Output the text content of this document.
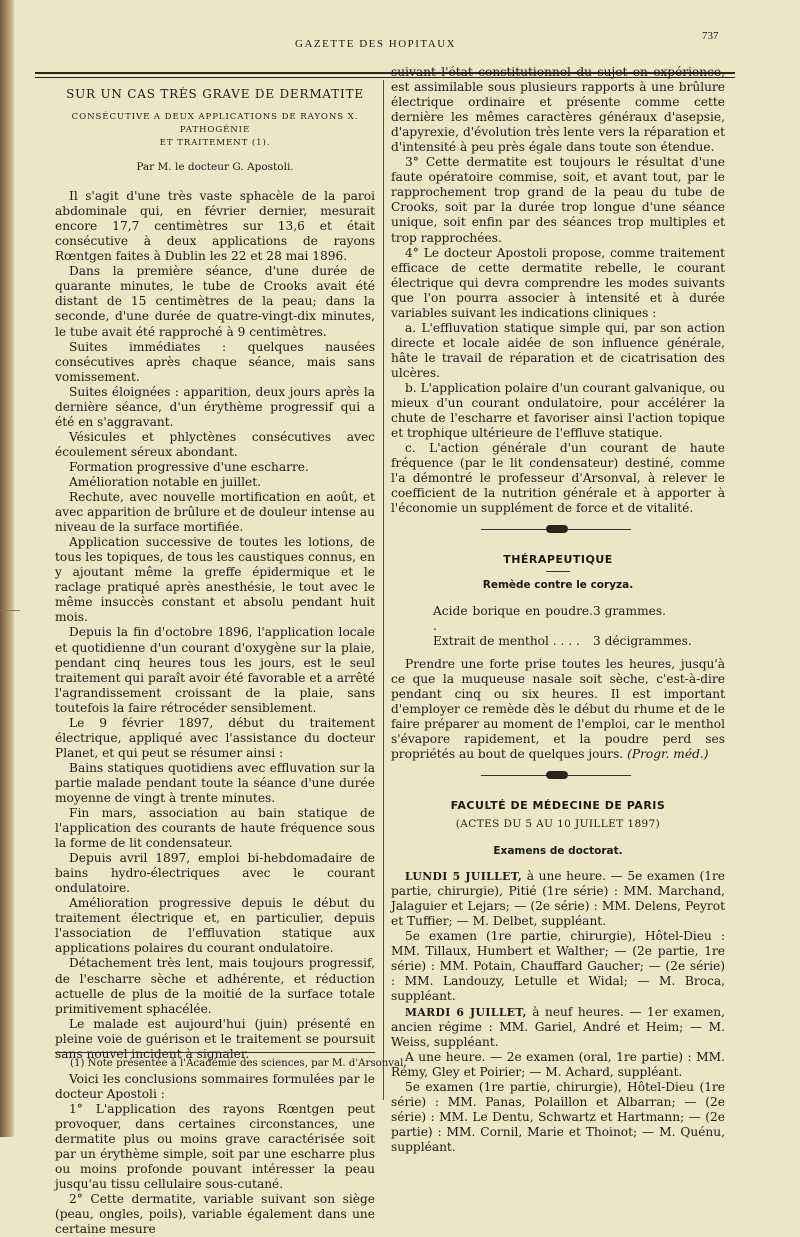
GAZETTE DES HOPITAUX
737
SUR UN CAS TRÈS GRAVE DE DERMATITE
CONSÉCUTIVE A DEUX APPLICATIONS DE RAYONS X. PATHOGÉNIE
ET TRAITEMENT (1).
Par M. le docteur G. Apostoli.

Il s'agit d'une très vaste sphacèle de la paroi abdominale qui, en février dernier, mesurait encore 17,7 centimètres sur 13,6 et était consécutive à deux applications de rayons Rœntgen faites à Dublin les 22 et 28 mai 1896.

Dans la première séance, d'une durée de quarante minutes, le tube de Crooks avait été distant de 15 centimètres de la peau; dans la seconde, d'une durée de quatre-vingt-dix minutes, le tube avait été rapproché à 9 centimètres.

Suites immédiates : quelques nausées consécutives après chaque séance, mais sans vomissement.

Suites éloignées : apparition, deux jours après la dernière séance, d'un érythème progressif qui a été en s'aggravant.

Vésicules et phlyctènes consécutives avec écoulement séreux abondant.

Formation progressive d'une escharre.

Amélioration notable en juillet.

Rechute, avec nouvelle mortification en août, et avec apparition de brûlure et de douleur intense au niveau de la surface mortifiée.

Application successive de toutes les lotions, de tous les topiques, de tous les caustiques connus, en y ajoutant même la greffe épidermique et le raclage pratiqué après anesthésie, le tout avec le même insuccès constant et absolu pendant huit mois.

Depuis la fin d'octobre 1896, l'application locale et quotidienne d'un courant d'oxygène sur la plaie, pendant cinq heures tous les jours, est le seul traitement qui paraît avoir été favorable et a arrêté l'agrandissement croissant de la plaie, sans toutefois la faire rétrocéder sensiblement.

Le 9 février 1897, début du traitement électrique, appliqué avec l'assistance du docteur Planet, et qui peut se résumer ainsi :

Bains statiques quotidiens avec effluvation sur la partie malade pendant toute la séance d'une durée moyenne de vingt à trente minutes.

Fin mars, association au bain statique de l'application des courants de haute fréquence sous la forme de lit condensateur.

Depuis avril 1897, emploi bi-hebdomadaire de bains hydro-électriques avec le courant ondulatoire.

Amélioration progressive depuis le début du traitement électrique et, en particulier, depuis l'association de l'effluvation statique aux applications polaires du courant ondulatoire.

Détachement très lent, mais toujours progressif, de l'escharre sèche et adhérente, et réduction actuelle de plus de la moitié de la surface totale primitivement sphacélée.

Le malade est aujourd'hui (juin) présenté en pleine voie de guérison et le traitement se poursuit sans nouvel incident à signaler.

Voici les conclusions sommaires formulées par le docteur Apostoli :

1° L'application des rayons Rœntgen peut provoquer, dans certaines circonstances, une dermatite plus ou moins grave caractérisée soit par un érythème simple, soit par une escharre plus ou moins profonde pouvant intéresser la peau jusqu'au tissu cellulaire sous-cutané.

2° Cette dermatite, variable suivant son siège (peau, ongles, poils), variable également dans une certaine mesure

(1) Note présentée à l'Académie des sciences, par M. d'Arsonval.

suivant l'état constitutionnel du sujet en expérience, est assimilable sous plusieurs rapports à une brûlure électrique ordinaire et présente comme cette dernière les mêmes caractères généraux d'asepsie, d'apyrexie, d'évolution très lente vers la réparation et d'intensité à peu près égale dans toute son étendue.

3° Cette dermatite est toujours le résultat d'une faute opératoire commise, soit, et avant tout, par le rapprochement trop grand de la peau du tube de Crooks, soit par la durée trop longue d'une séance unique, soit enfin par des séances trop multiples et trop rapprochées.

4° Le docteur Apostoli propose, comme traitement efficace de cette dermatite rebelle, le courant électrique qui devra comprendre les modes suivants que l'on pourra associer à intensité et à durée variables suivant les indications cliniques :

a. L'effluvation statique simple qui, par son action directe et locale aidée de son influence générale, hâte le travail de réparation et de cicatrisation des ulcères.

b. L'application polaire d'un courant galvanique, ou mieux d'un courant ondulatoire, pour accélérer la chute de l'escharre et favoriser ainsi l'action topique et trophique ultérieure de l'effluve statique.

c. L'action générale d'un courant de haute fréquence (par le lit condensateur) destiné, comme l'a démontré le professeur d'Arsonval, à relever le coefficient de la nutrition générale et à apporter à l'économie un supplément de force et de vitalité.

THÉRAPEUTIQUE
Remède contre le coryza.
Acide borique en poudre. .
3 grammes.
Extrait de menthol . . . .	3 décigrammes.

Prendre une forte prise toutes les heures, jusqu'à ce que la muqueuse nasale soit sèche, c'est-à-dire pendant cinq ou six heures. Il est important d'employer ce remède dès le début du rhume et de le faire préparer au moment de l'emploi, car le menthol s'évapore rapidement, et la poudre perd ses propriétés au bout de quelques jours. (Progr. méd.)

FACULTÉ DE MÉDECINE DE PARIS
(ACTES DU 5 AU 10 JUILLET 1897)
Examens de doctorat.

LUNDI 5 JUILLET, à une heure. — 5e examen (1re partie, chirurgie), Pitié (1re série) : MM. Marchand, Jalaguier et Lejars; — (2e série) : MM. Delens, Peyrot et Tuffier; — M. Delbet, suppléant.

5e examen (1re partie, chirurgie), Hôtel-Dieu : MM. Tillaux, Humbert et Walther; — (2e partie, 1re série) : MM. Potain, Chauffard Gaucher; — (2e série) : MM. Landouzy, Letulle et Widal; — M. Broca, suppléant.

MARDI 6 JUILLET, à neuf heures. — 1er examen, ancien régime : MM. Gariel, André et Heim; — M. Weiss, suppléant.

A une heure. — 2e examen (oral, 1re partie) : MM. Rémy, Gley et Poirier; — M. Achard, suppléant.

5e examen (1re partie, chirurgie), Hôtel-Dieu (1re série) : MM. Panas, Polaillon et Albarran; — (2e série) : MM. Le Dentu, Schwartz et Hartmann; — (2e partie) : MM. Cornil, Marie et Thoinot; — M. Quénu, suppléant.
